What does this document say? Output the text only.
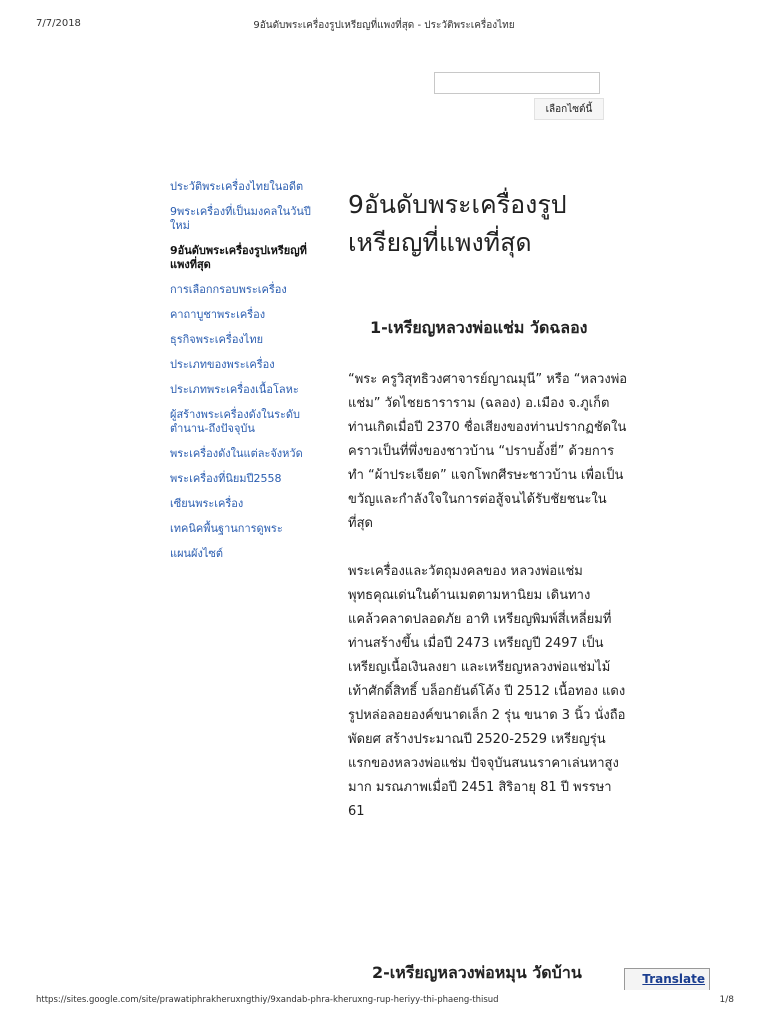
7/7/2018	9อันดับพระเครื่องรูปเหรียญที่แพงที่สุด - ประวัติพระเครื่องไทย
เลือกไซต์นี้
ประวัติพระเครื่องไทยในอดีต
9พระเครื่องที่เป็นมงคลในวันปีใหม่
9อันดับพระเครื่องรูปเหรียญที่แพงที่สุด
การเลือกกรอบพระเครื่อง
คาถาบูชาพระเครื่อง
ธุรกิจพระเครื่องไทย
ประเภทของพระเครื่อง
ประเภทพระเครื่องเนื้อโลหะ
ผู้สร้างพระเครื่องดังในระดับตำนาน-ถึงปัจจุบัน
พระเครื่องดังในแต่ละจังหวัด
พระเครื่องที่นิยมปี2558
เซียนพระเครื่อง
เทคนิคพื้นฐานการดูพระ
แผนผังไซต์
9อันดับพระเครื่องรูปเหรียญที่แพงที่สุด
1-เหรียญหลวงพ่อแช่ม วัดฉลอง

“พระ ครูวิสุทธิวงศาจารย์ญาณมุนี” หรือ “หลวงพ่อแช่ม” วัดไชยธาราราม (ฉลอง) อ.เมือง จ.ภูเก็ต ท่านเกิดเมื่อปี 2370 ชื่อเสียงของท่านปรากฏชัดในคราวเป็นที่พึ่งของชาวบ้าน “ปราบอั้งยี่” ด้วยการทำ “ผ้าประเจียด” แจกโพกศีรษะชาวบ้าน เพื่อเป็นขวัญและกำลังใจในการต่อสู้จนได้รับชัยชนะในที่สุด

พระเครื่องและวัตถุมงคลของ หลวงพ่อแช่ม พุทธคุณเด่นในด้านเมตตามหานิยม เดินทางแคล้วคลาดปลอดภัย อาทิ เหรียญพิมพ์สี่เหลี่ยมที่ท่านสร้างขึ้น เมื่อปี 2473 เหรียญปี 2497 เป็นเหรียญเนื้อเงินลงยา และเหรียญหลวงพ่อแช่มไม้เท้าศักดิ์สิทธิ์ บล็อกยันต์โค้ง ปี 2512 เนื้อทอง แดง รูปหล่อลอยองค์ขนาดเล็ก 2 รุ่น ขนาด 3 นิ้ว นั่งถือพัดยศ สร้างประมาณปี 2520-2529 เหรียญรุ่นแรกของหลวงพ่อแช่ม ปัจจุบันสนนราคาเล่นหาสูงมาก มรณภาพเมื่อปี 2451 สิริอายุ 81 ปี พรรษา 61

2-เหรียญหลวงพ่อหมุน วัดบ้าน	Translate
https://sites.google.com/site/prawatiphrakheruxngthiy/9xandab-phra-kheruxng-rup-heriyy-thi-phaeng-thisud	1/8
